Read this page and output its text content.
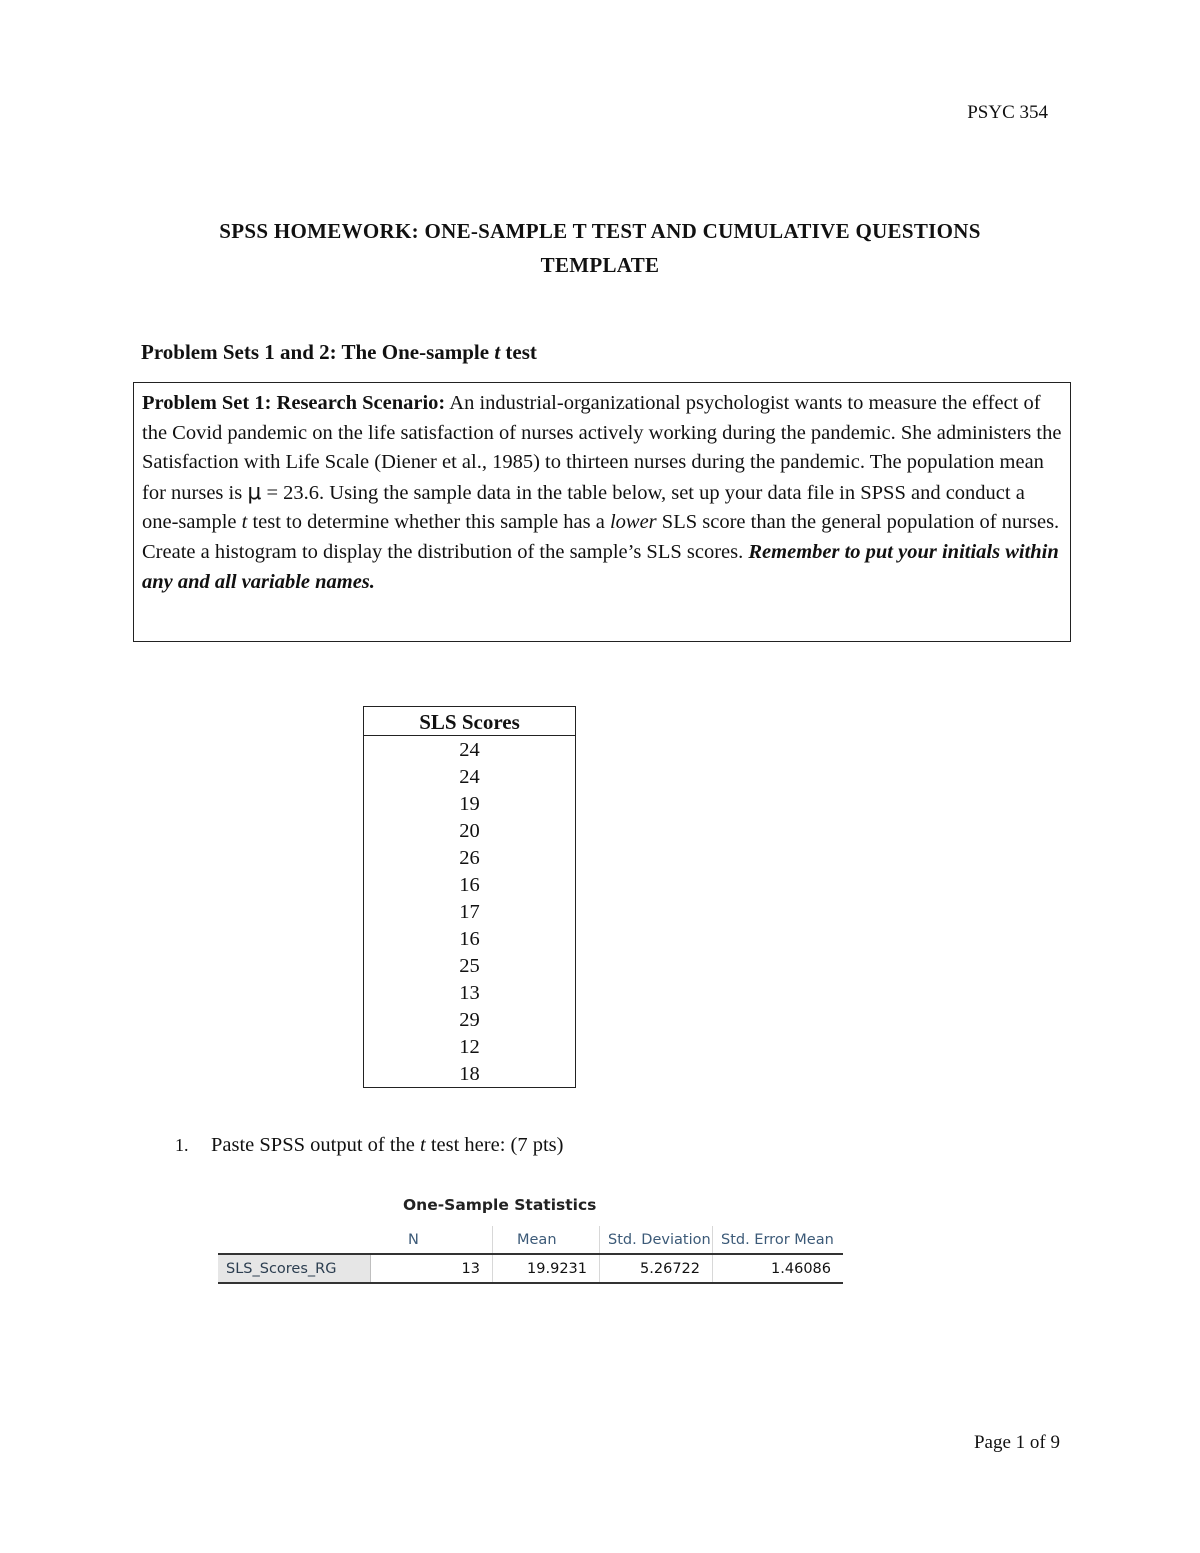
PSYC 354
SPSS HOMEWORK: ONE-SAMPLE T TEST AND CUMULATIVE QUESTIONS
TEMPLATE
Problem Sets 1 and 2: The One-sample t test
Problem Set 1: Research Scenario: An industrial-organizational psychologist wants to measure the effect of the Covid pandemic on the life satisfaction of nurses actively working during the pandemic. She administers the Satisfaction with Life Scale (Diener et al., 1985) to thirteen nurses during the pandemic. The population mean for nurses is μ = 23.6. Using the sample data in the table below, set up your data file in SPSS and conduct a one-sample t test to determine whether this sample has a lower SLS score than the general population of nurses. Create a histogram to display the distribution of the sample’s SLS scores. Remember to put your initials within any and all variable names.
SLS Scores
24
24
19
20
26
16
17
16
25
13
29
12
18
1. Paste SPSS output of the t test here: (7 pts)
One-Sample Statistics
	N	Mean	Std. Deviation	Std. Error Mean
SLS_Scores_RG	13	19.9231	5.26722	1.46086
Page 1 of 9
